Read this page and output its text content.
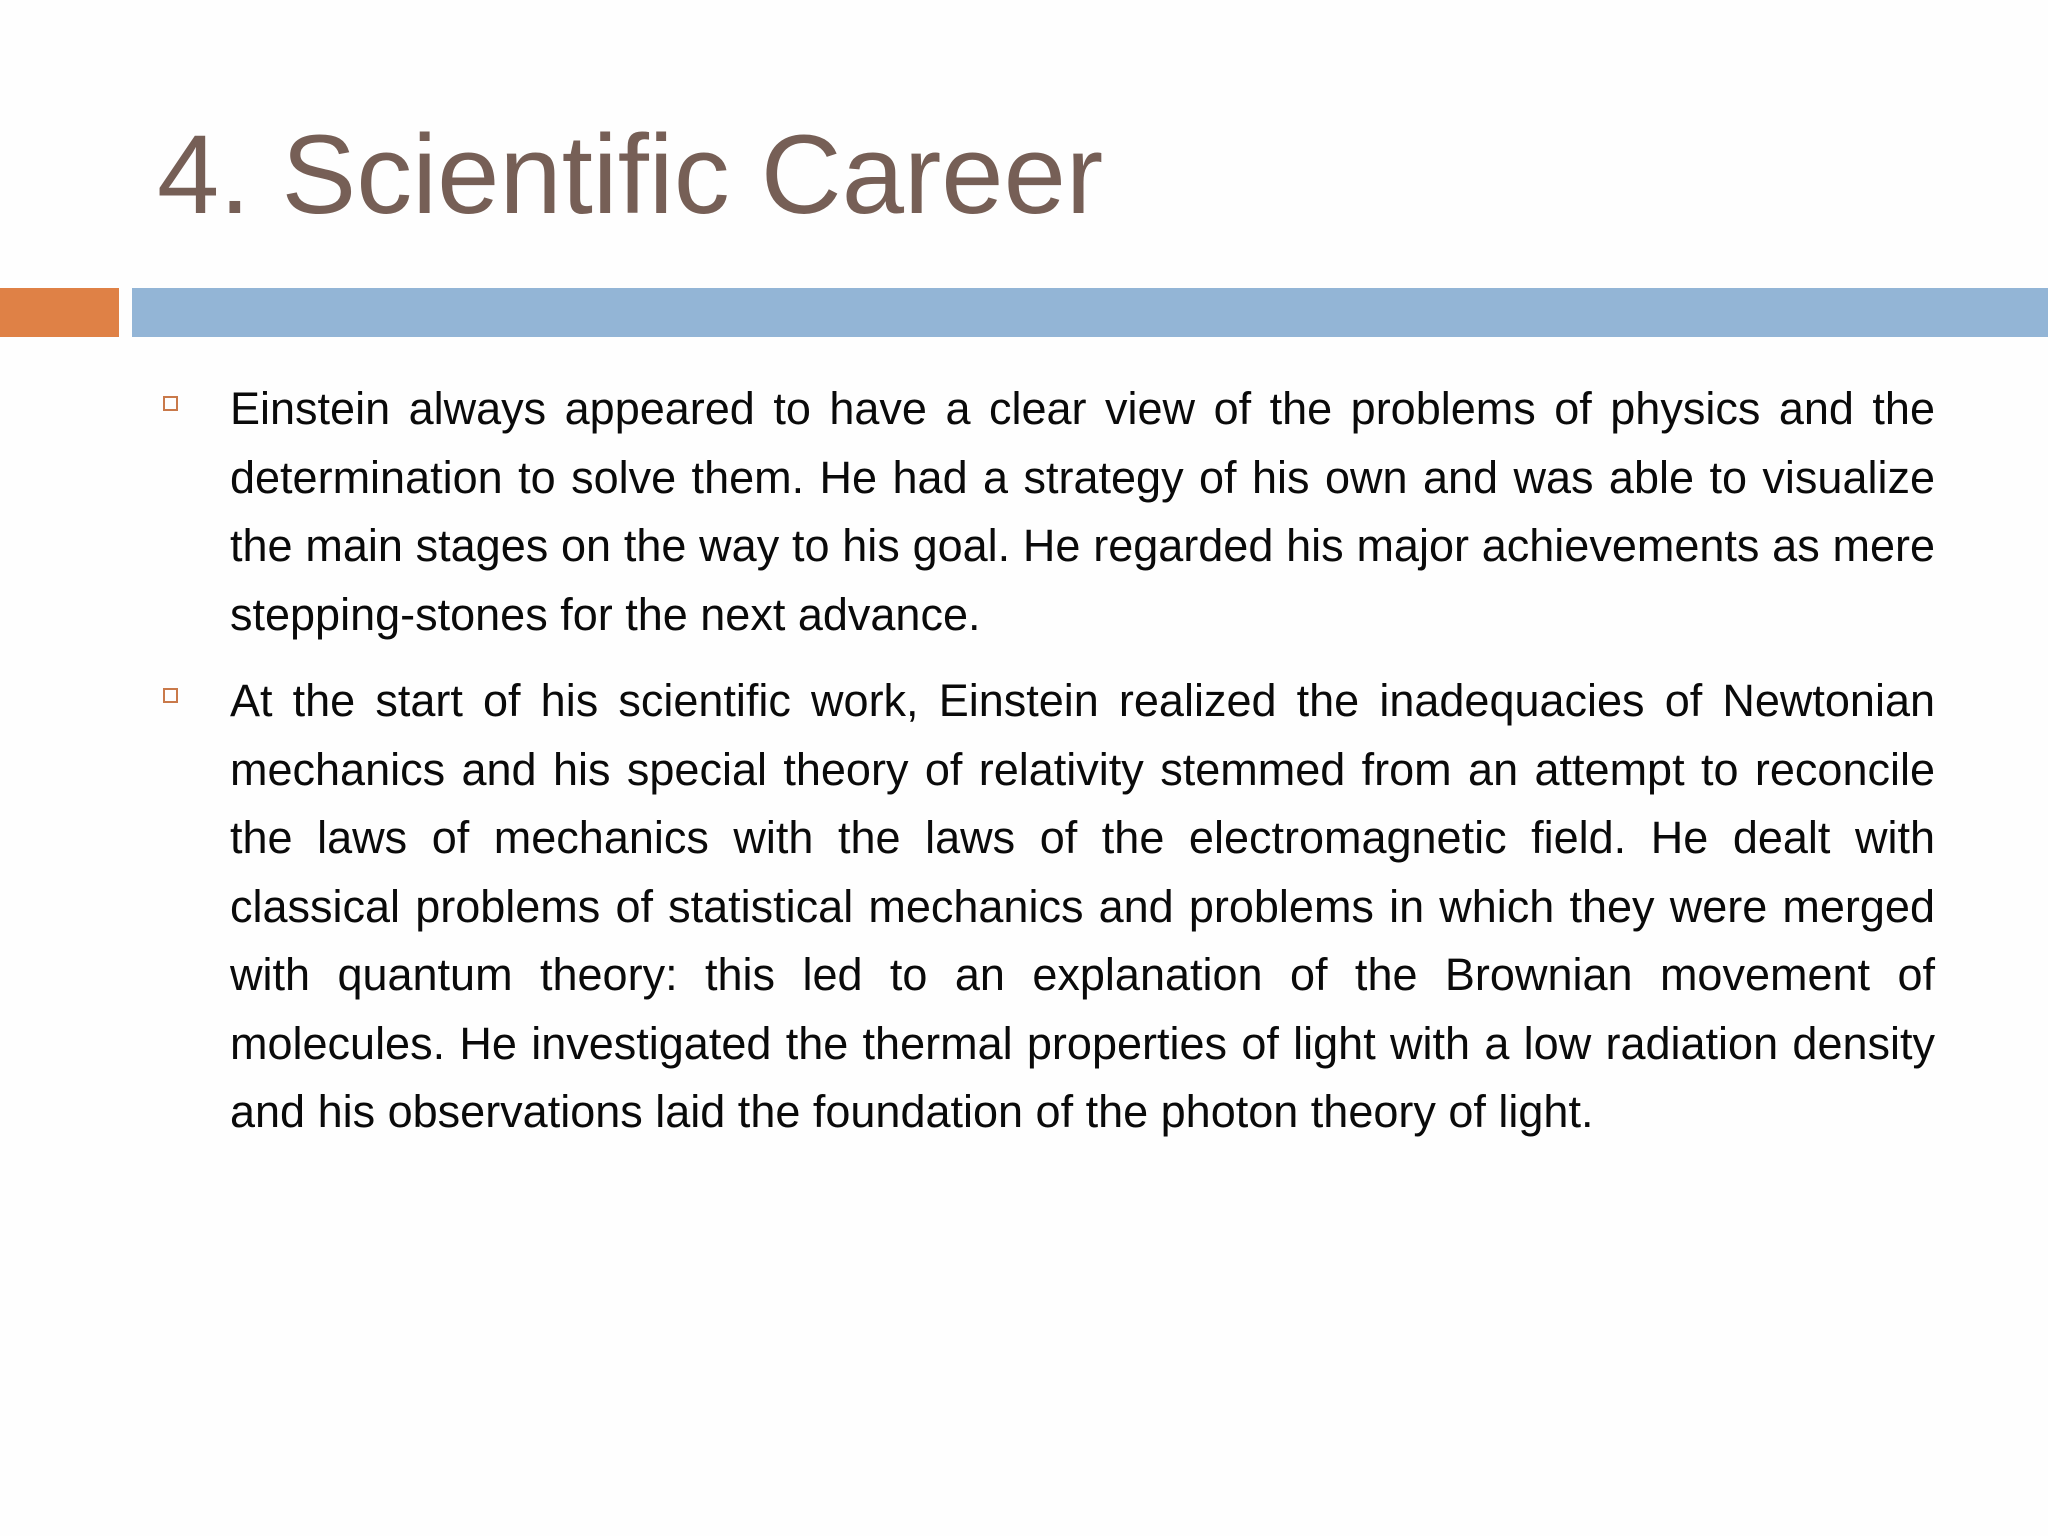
4. Scientific Career
Einstein always appeared to have a clear view of the problems of physics and the determination to solve them. He had a strategy of his own and was able to visualize the main stages on the way to his goal. He regarded his major achievements as mere stepping-stones for the next advance.
At the start of his scientific work, Einstein realized the inadequacies of Newtonian mechanics and his special theory of relativity stemmed from an attempt to reconcile the laws of mechanics with the laws of the electromagnetic field. He dealt with classical problems of statistical mechanics and problems in which they were merged with quantum theory: this led to an explanation of the Brownian movement of molecules. He investigated the thermal properties of light with a low radiation density and his observations laid the foundation of the photon theory of light.
